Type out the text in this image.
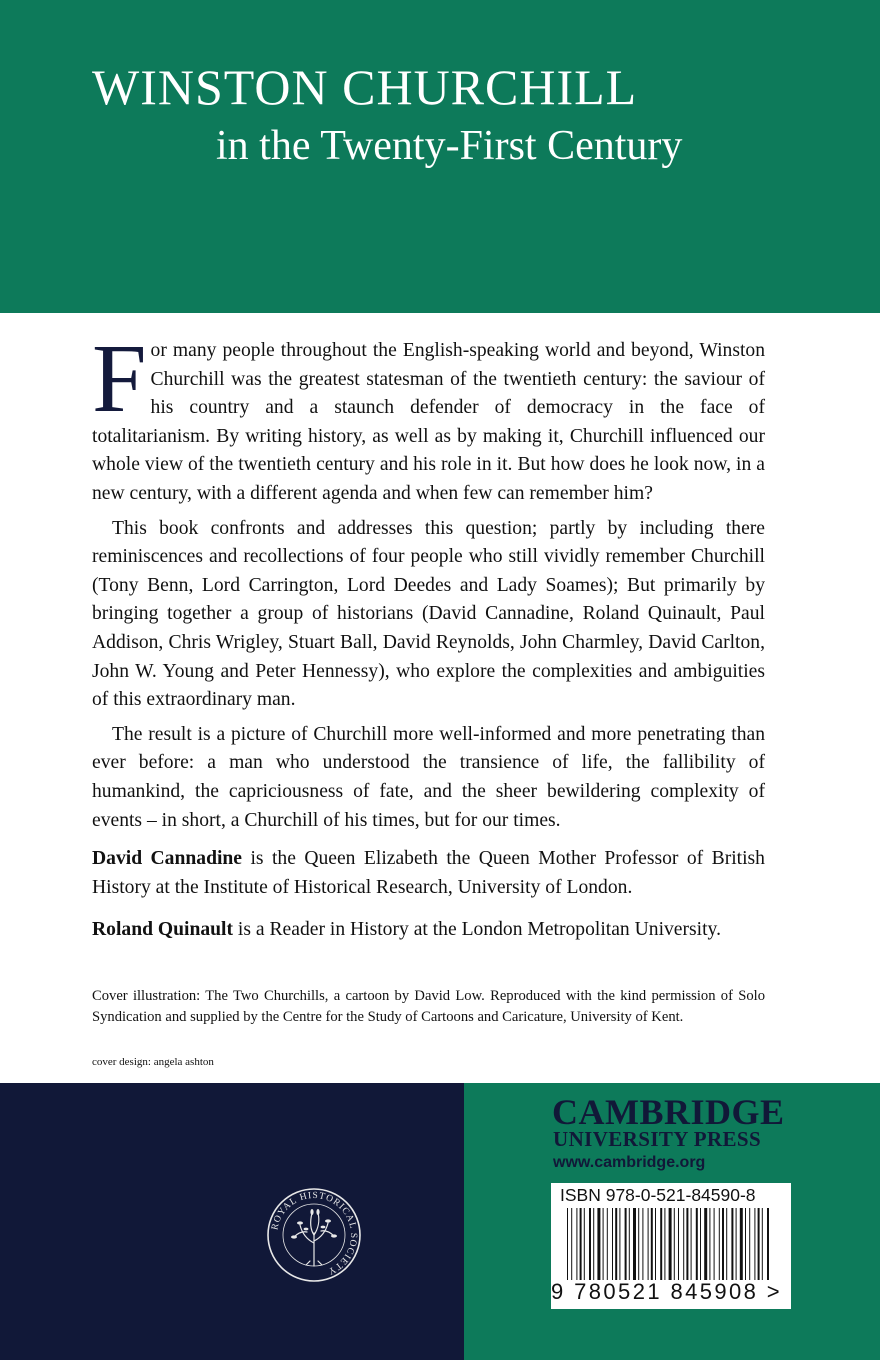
WINSTON CHURCHILL
in the Twenty-First Century

For many people throughout the English-speaking world and beyond, Winston Churchill was the greatest statesman of the twentieth century: the saviour of his country and a staunch defender of democracy in the face of totalitarianism. By writing history, as well as by making it, Churchill influenced our whole view of the twentieth century and his role in it. But how does he look now, in a new century, with a different agenda and when few can remember him?

This book confronts and addresses this question; partly by including there reminiscences and recollections of four people who still vividly remember Churchill (Tony Benn, Lord Carrington, Lord Deedes and Lady Soames); But primarily by bringing together a group of historians (David Cannadine, Roland Quinault, Paul Addison, Chris Wrigley, Stuart Ball, David Reynolds, John Charmley, David Carlton, John W. Young and Peter Hennessy), who explore the complexities and ambiguities of this extraordinary man.

The result is a picture of Churchill more well-informed and more penetrating than ever before: a man who understood the transience of life, the fallibility of humankind, the capriciousness of fate, and the sheer bewildering complexity of events – in short, a Churchill of his times, but for our times.

David Cannadine is the Queen Elizabeth the Queen Mother Professor of British History at the Institute of Historical Research, University of London.
Roland Quinault is a Reader in History at the London Metropolitan University.
Cover illustration: The Two Churchills, a cartoon by David Low. Reproduced with the kind permission of Solo Syndication and supplied by the Centre for the Study of Cartoons and Caricature, University of Kent.
cover design: angela ashton
ROYAL HISTORICAL SOCIETY
CAMBRIDGE
UNIVERSITY PRESS
www.cambridge.org
ISBN 978-0-521-84590-8
9 780521 845908 >
